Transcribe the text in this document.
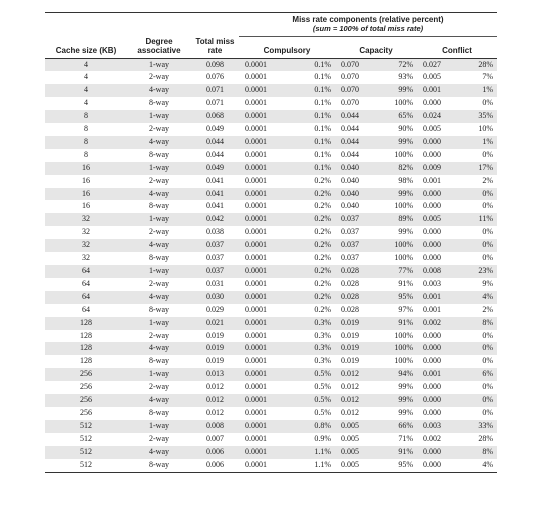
			Miss rate components (relative percent)
(sum = 100% of total miss rate)					

Cache size (KB)	Degree associative	Total miss rate	Compulsory		Capacity		Conflict	
4	1-way	0.098	0.0001	0.1%	0.070	72%	0.027	28%
4	2-way	0.076	0.0001	0.1%	0.070	93%	0.005	7%
4	4-way	0.071	0.0001	0.1%	0.070	99%	0.001	1%
4	8-way	0.071	0.0001	0.1%	0.070	100%	0.000	0%
8	1-way	0.068	0.0001	0.1%	0.044	65%	0.024	35%
8	2-way	0.049	0.0001	0.1%	0.044	90%	0.005	10%
8	4-way	0.044	0.0001	0.1%	0.044	99%	0.000	1%
8	8-way	0.044	0.0001	0.1%	0.044	100%	0.000	0%
16	1-way	0.049	0.0001	0.1%	0.040	82%	0.009	17%
16	2-way	0.041	0.0001	0.2%	0.040	98%	0.001	2%
16	4-way	0.041	0.0001	0.2%	0.040	99%	0.000	0%
16	8-way	0.041	0.0001	0.2%	0.040	100%	0.000	0%
32	1-way	0.042	0.0001	0.2%	0.037	89%	0.005	11%
32	2-way	0.038	0.0001	0.2%	0.037	99%	0.000	0%
32	4-way	0.037	0.0001	0.2%	0.037	100%	0.000	0%
32	8-way	0.037	0.0001	0.2%	0.037	100%	0.000	0%
64	1-way	0.037	0.0001	0.2%	0.028	77%	0.008	23%
64	2-way	0.031	0.0001	0.2%	0.028	91%	0.003	9%
64	4-way	0.030	0.0001	0.2%	0.028	95%	0.001	4%
64	8-way	0.029	0.0001	0.2%	0.028	97%	0.001	2%
128	1-way	0.021	0.0001	0.3%	0.019	91%	0.002	8%
128	2-way	0.019	0.0001	0.3%	0.019	100%	0.000	0%
128	4-way	0.019	0.0001	0.3%	0.019	100%	0.000	0%
128	8-way	0.019	0.0001	0.3%	0.019	100%	0.000	0%
256	1-way	0.013	0.0001	0.5%	0.012	94%	0.001	6%
256	2-way	0.012	0.0001	0.5%	0.012	99%	0.000	0%
256	4-way	0.012	0.0001	0.5%	0.012	99%	0.000	0%
256	8-way	0.012	0.0001	0.5%	0.012	99%	0.000	0%
512	1-way	0.008	0.0001	0.8%	0.005	66%	0.003	33%
512	2-way	0.007	0.0001	0.9%	0.005	71%	0.002	28%
512	4-way	0.006	0.0001	1.1%	0.005	91%	0.000	8%
512	8-way	0.006	0.0001	1.1%	0.005	95%	0.000	4%
